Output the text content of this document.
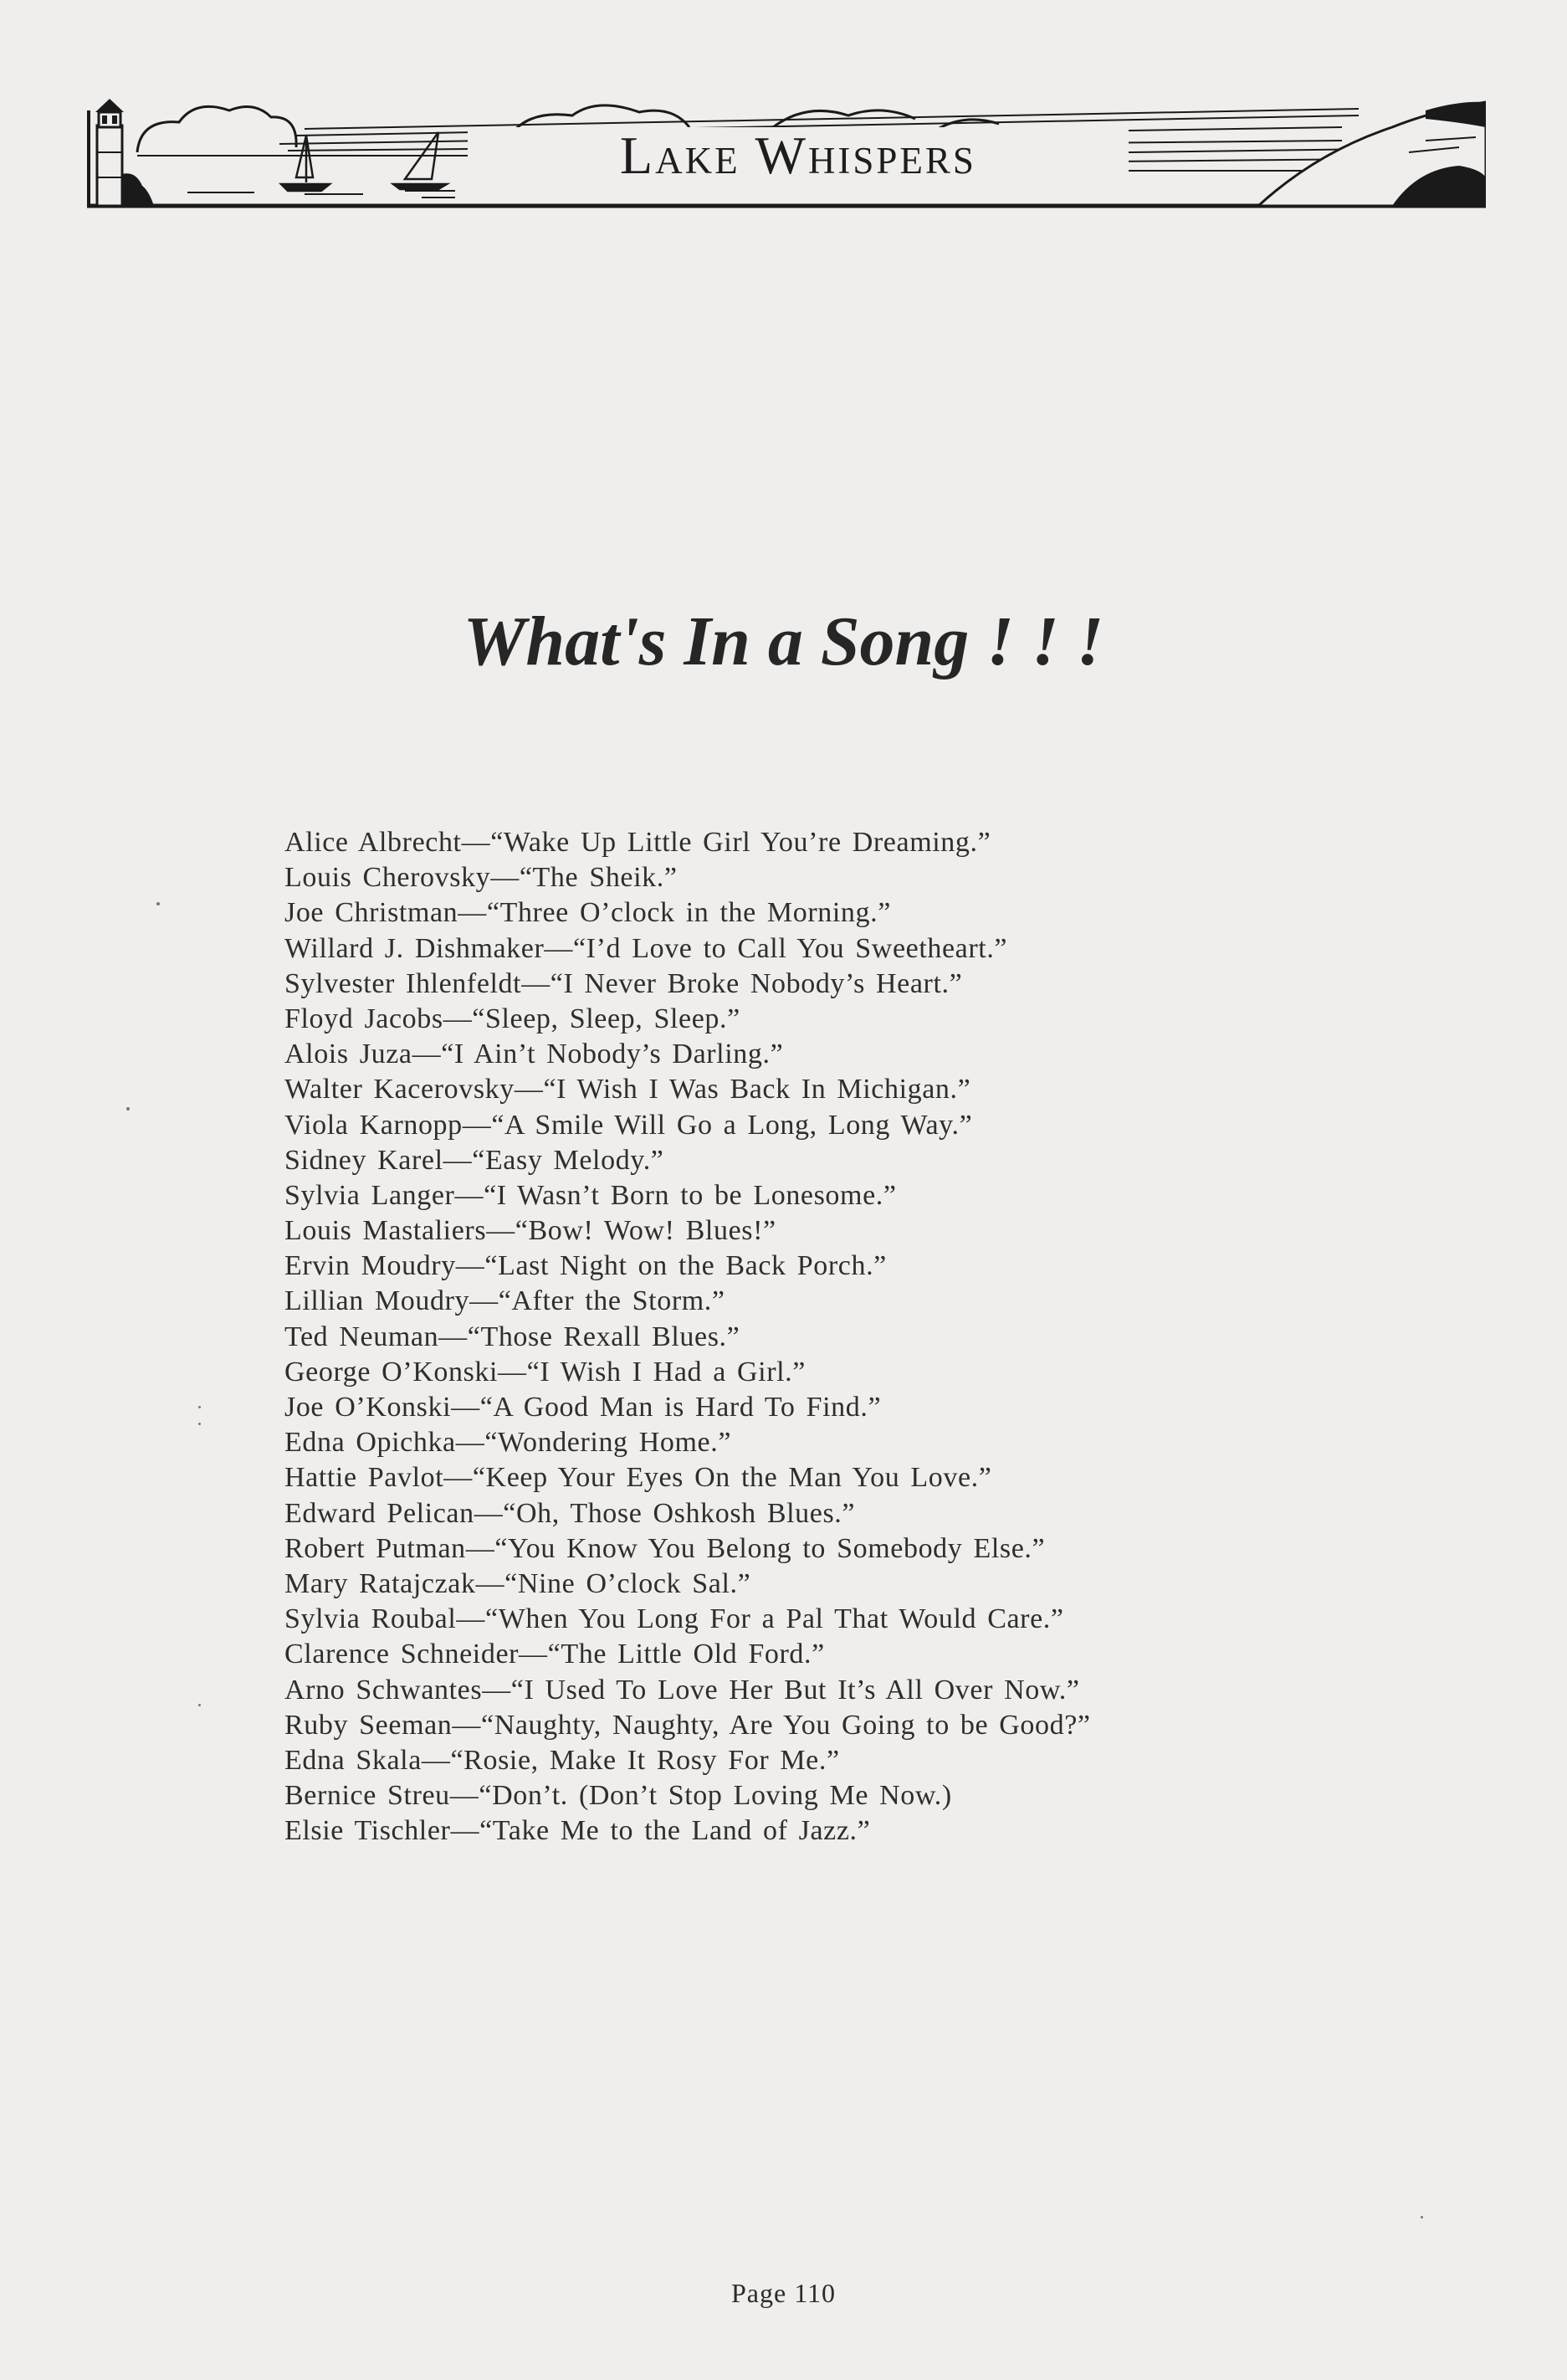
Lake Whispers
What's In a Song ! ! !
Alice Albrecht—“Wake Up Little Girl You’re Dreaming.”
Louis Cherovsky—“The Sheik.”
Joe Christman—“Three O’clock in the Morning.”
Willard J. Dishmaker—“I’d Love to Call You Sweetheart.”
Sylvester Ihlenfeldt—“I Never Broke Nobody’s Heart.”
Floyd Jacobs—“Sleep, Sleep, Sleep.”
Alois Juza—“I Ain’t Nobody’s Darling.”
Walter Kacerovsky—“I Wish I Was Back In Michigan.”
Viola Karnopp—“A Smile Will Go a Long, Long Way.”
Sidney Karel—“Easy Melody.”
Sylvia Langer—“I Wasn’t Born to be Lonesome.”
Louis Mastaliers—“Bow! Wow! Blues!”
Ervin Moudry—“Last Night on the Back Porch.”
Lillian Moudry—“After the Storm.”
Ted Neuman—“Those Rexall Blues.”
George O’Konski—“I Wish I Had a Girl.”
Joe O’Konski—“A Good Man is Hard To Find.”
Edna Opichka—“Wondering Home.”
Hattie Pavlot—“Keep Your Eyes On the Man You Love.”
Edward Pelican—“Oh, Those Oshkosh Blues.”
Robert Putman—“You Know You Belong to Somebody Else.”
Mary Ratajczak—“Nine O’clock Sal.”
Sylvia Roubal—“When You Long For a Pal That Would Care.”
Clarence Schneider—“The Little Old Ford.”
Arno Schwantes—“I Used To Love Her But It’s All Over Now.”
Ruby Seeman—“Naughty, Naughty, Are You Going to be Good?”
Edna Skala—“Rosie, Make It Rosy For Me.”
Bernice Streu—“Don’t. (Don’t Stop Loving Me Now.)
Elsie Tischler—“Take Me to the Land of Jazz.”
Page 110
